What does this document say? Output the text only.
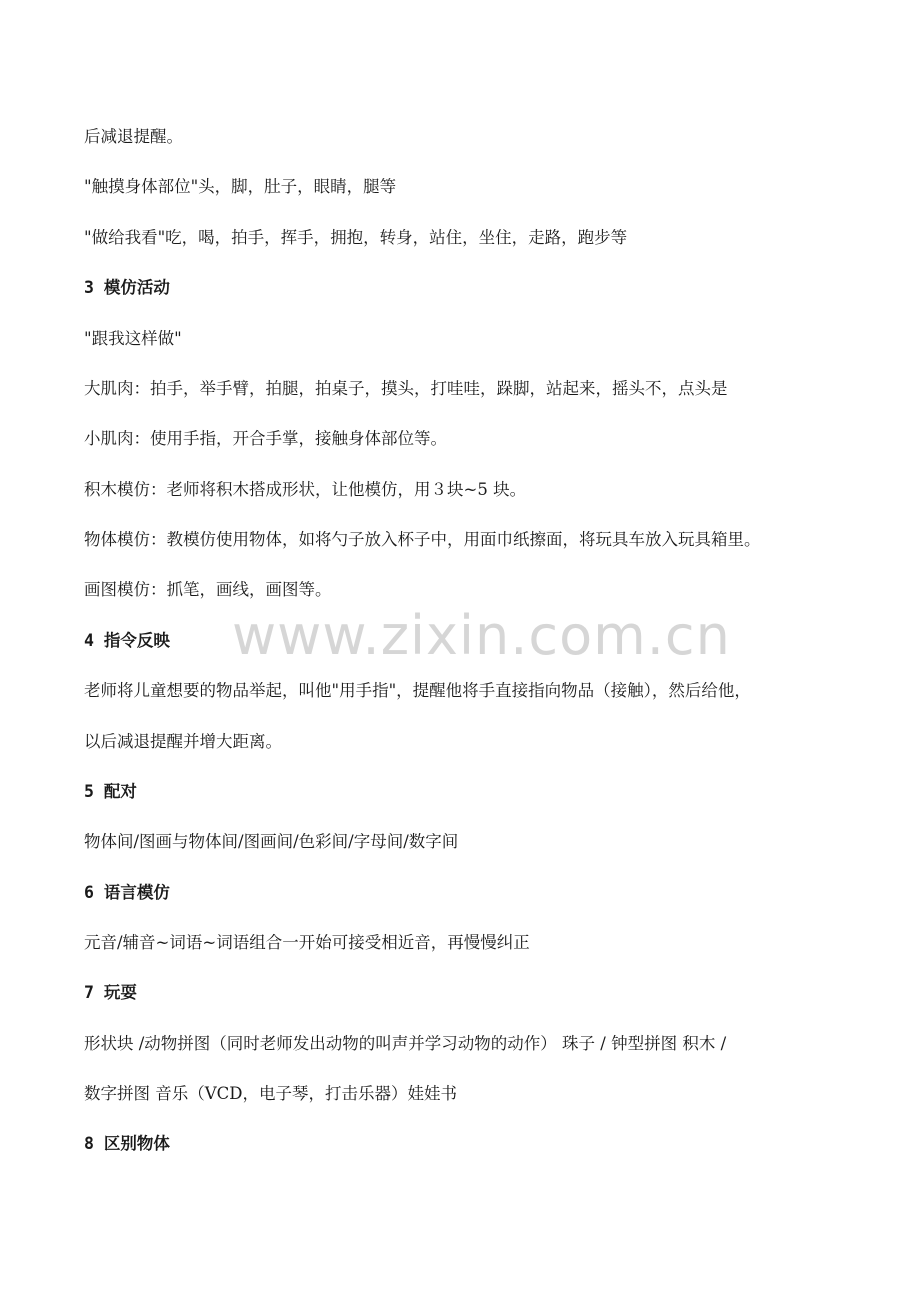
后减退提醒。
"触摸身体部位"头，脚，肚子，眼睛，腿等
"做给我看"吃，喝，拍手，挥手，拥抱，转身，站住，坐住，走路，跑步等
3 模仿活动
"跟我这样做"
大肌肉：拍手，举手臂，拍腿，拍桌子，摸头，打哇哇，跺脚，站起来，摇头不，点头是
小肌肉：使用手指，开合手掌，接触身体部位等。
积木模仿：老师将积木搭成形状，让他模仿，用３块~5 块。
物体模仿：教模仿使用物体，如将勺子放入杯子中，用面巾纸擦面，将玩具车放入玩具箱里。
画图模仿：抓笔，画线，画图等。
4 指令反映
老师将儿童想要的物品举起，叫他"用手指"，提醒他将手直接指向物品（接触），然后给他，
以后减退提醒并增大距离。
5 配对
物体间/图画与物体间/图画间/色彩间/字母间/数字间
6 语言模仿
元音/辅音~词语~词语组合一开始可接受相近音，再慢慢纠正
7 玩耍
形状块 /动物拼图（同时老师发出动物的叫声并学习动物的动作） 珠子 / 钟型拼图 积木 /
数字拼图 音乐（VCD，电子琴，打击乐器）娃娃书
8 区别物体
www.zixin.com.cn
